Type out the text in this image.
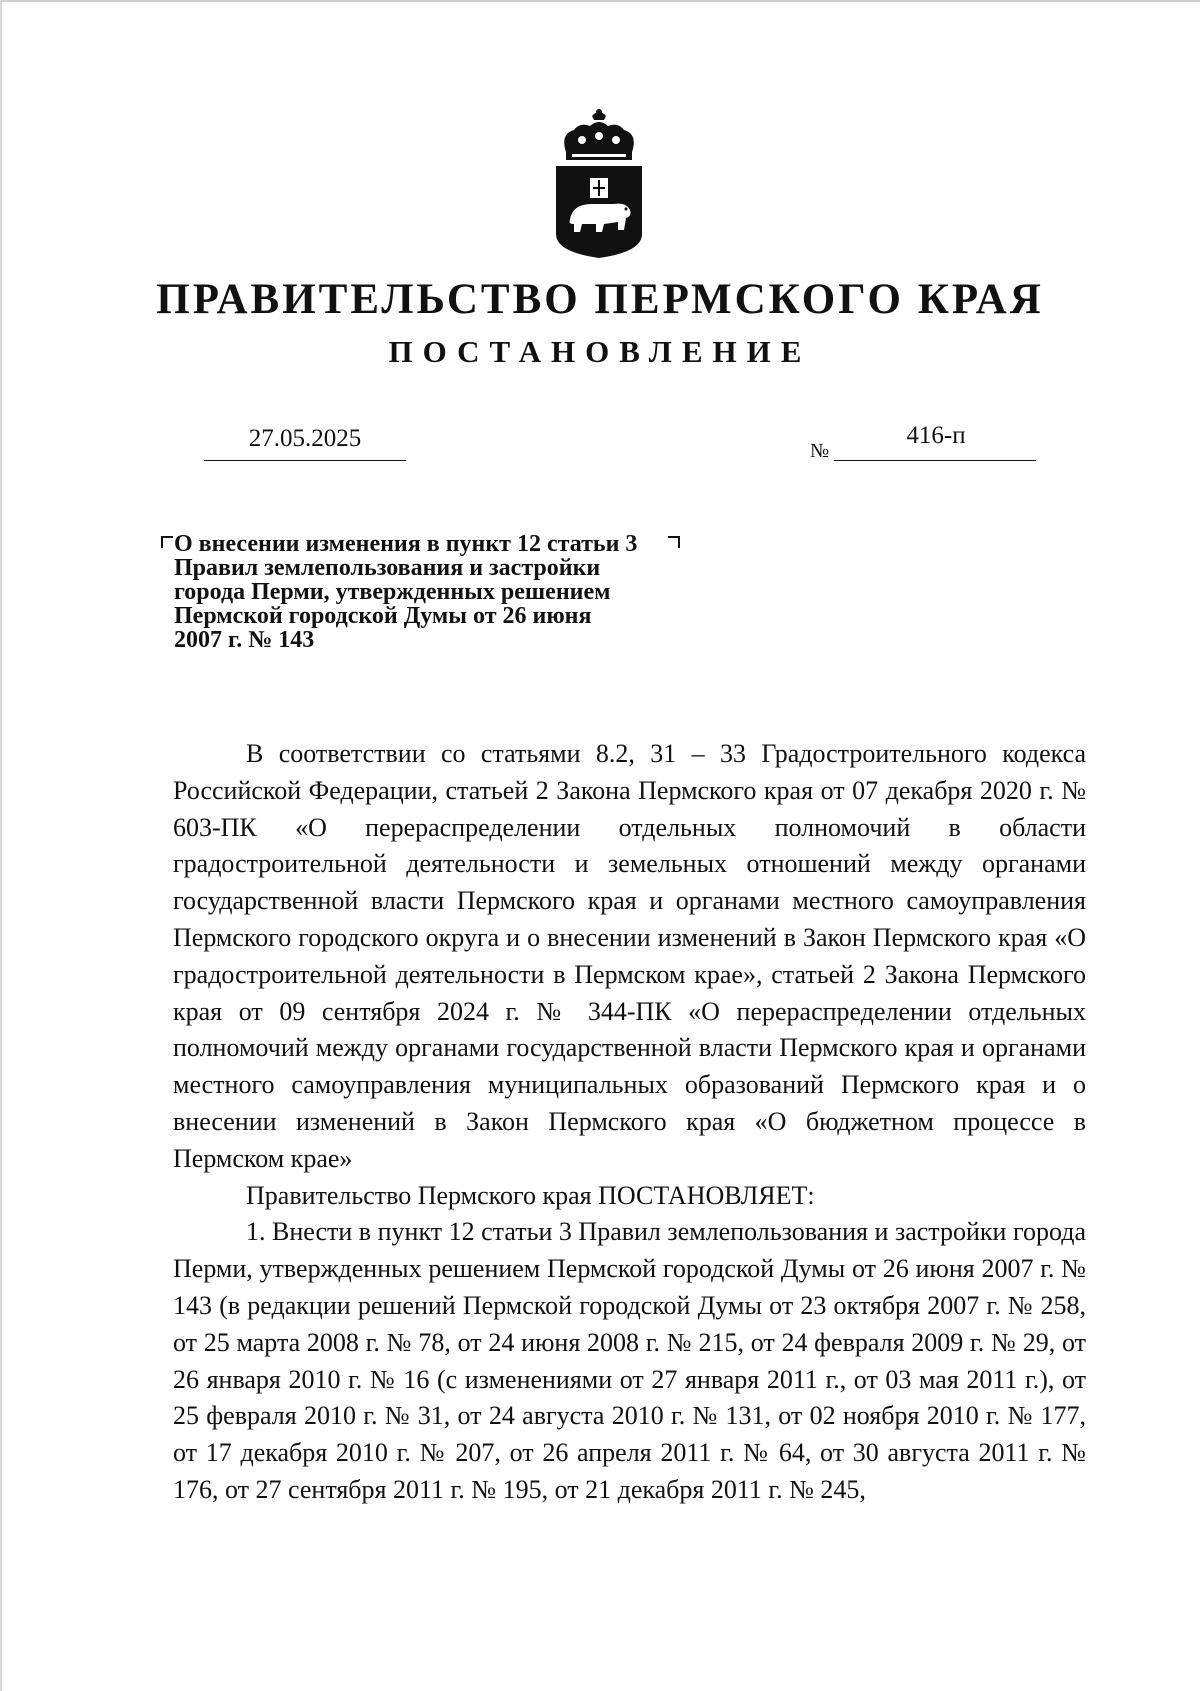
ПРАВИТЕЛЬСТВО ПЕРМСКОГО КРАЯ
ПОСТАНОВЛЕНИЕ
27.05.2025	№
416-п
О внесении изменения в пункт 12 статьи 3
Правил землепользования и застройки
города Перми, утвержденных решением
Пермской городской Думы от 26 июня
2007 г. № 143

В соответствии со статьями 8.2, 31 – 33 Градостроительного кодекса Российской Федерации, статьей 2 Закона Пермского края от 07 декабря 2020 г. № 603-ПК «О перераспределении отдельных полномочий в области градостроительной деятельности и земельных отношений между органами государственной власти Пермского края и органами местного самоуправления Пермского городского округа и о внесении изменений в Закон Пермского края «О градостроительной деятельности в Пермском крае», статьей 2 Закона Пермского края от 09 сентября 2024 г. № 344-ПК «О перераспределении отдельных полномочий между органами государственной власти Пермского края и органами местного самоуправления муниципальных образований Пермского края и о внесении изменений в Закон Пермского края «О бюджетном процессе в Пермском крае»

Правительство Пермского края ПОСТАНОВЛЯЕТ:

1. Внести в пункт 12 статьи 3 Правил землепользования и застройки города Перми, утвержденных решением Пермской городской Думы от 26 июня 2007 г. № 143 (в редакции решений Пермской городской Думы от 23 октября 2007 г. № 258, от 25 марта 2008 г. № 78, от 24 июня 2008 г. № 215, от 24 февраля 2009 г. № 29, от 26 января 2010 г. № 16 (с изменениями от 27 января 2011 г., от 03 мая 2011 г.), от 25 февраля 2010 г. № 31, от 24 августа 2010 г. № 131, от 02 ноября 2010 г. № 177, от 17 декабря 2010 г. № 207, от 26 апреля 2011 г. № 64, от 30 августа 2011 г. № 176, от 27 сентября 2011 г. № 195, от 21 декабря 2011 г. № 245,
